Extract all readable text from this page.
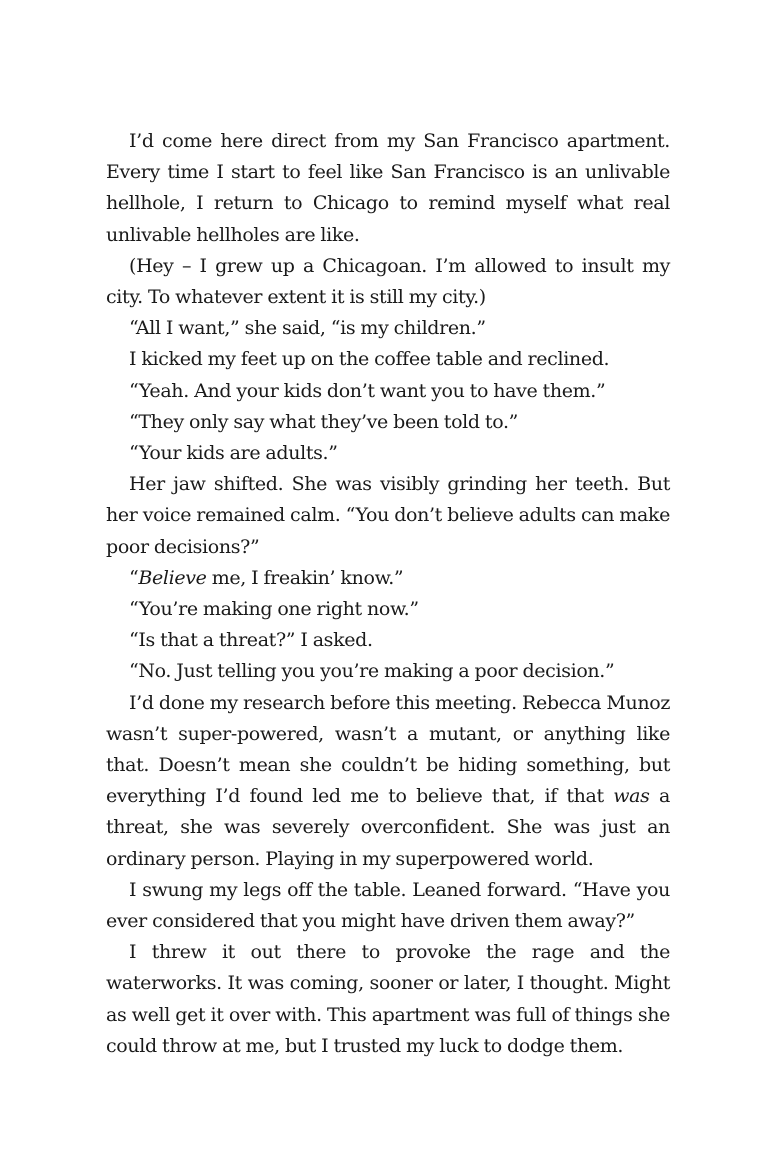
I’d come here direct from my San Francisco apartment. Every time I start to feel like San Francisco is an unlivable hellhole, I return to Chicago to remind myself what real unlivable hellholes are like.

(Hey – I grew up a Chicagoan. I’m allowed to insult my city. To whatever extent it is still my city.)

“All I want,” she said, “is my children.”

I kicked my feet up on the coffee table and reclined.

“Yeah. And your kids don’t want you to have them.”

“They only say what they’ve been told to.”

“Your kids are adults.”

Her jaw shifted. She was visibly grinding her teeth. But her voice remained calm. “You don’t believe adults can make poor decisions?”

“Believe me, I freakin’ know.”

“You’re making one right now.”

“Is that a threat?” I asked.

“No. Just telling you you’re making a poor decision.”

I’d done my research before this meeting. Rebecca Munoz wasn’t super-powered, wasn’t a mutant, or anything like that. Doesn’t mean she couldn’t be hiding something, but everything I’d found led me to believe that, if that was a threat, she was severely overconfident. She was just an ordinary person. Playing in my superpowered world.

I swung my legs off the table. Leaned forward. “Have you ever considered that you might have driven them away?”

I threw it out there to provoke the rage and the waterworks. It was coming, sooner or later, I thought. Might as well get it over with. This apartment was full of things she could throw at me, but I trusted my luck to dodge them.
